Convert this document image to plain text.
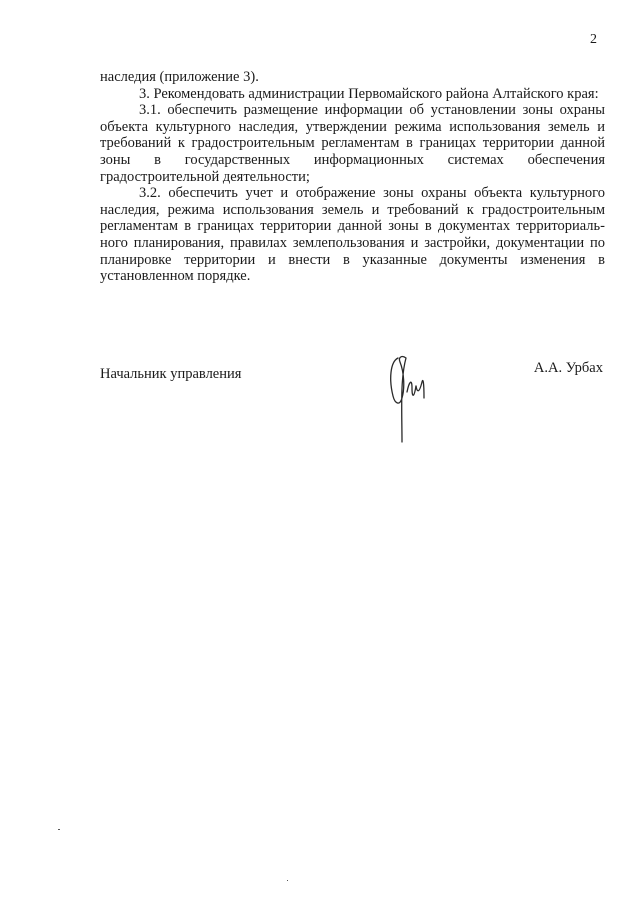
2

наследия (приложение 3).

3. Рекомендовать администрации Первомайского района Алтайского края:

3.1. обеспечить размещение информации об установлении зоны охраны объекта культурного наследия, утверждении режима использования земель и требований к градостроительным регламентам в границах территории данной зоны в государственных информационных системах обеспечения градостроительной деятельности;

3.2. обеспечить учет и отображение зоны охраны объекта культурного наследия, режима использования земель и требований к градостроительным регламентам в границах территории данной зоны в документах территориаль-ного планирования, правилах землепользования и застройки, документации по планировке территории и внести в указанные документы изменения в установленном порядке.

Начальник управления	А.А. Урбах
